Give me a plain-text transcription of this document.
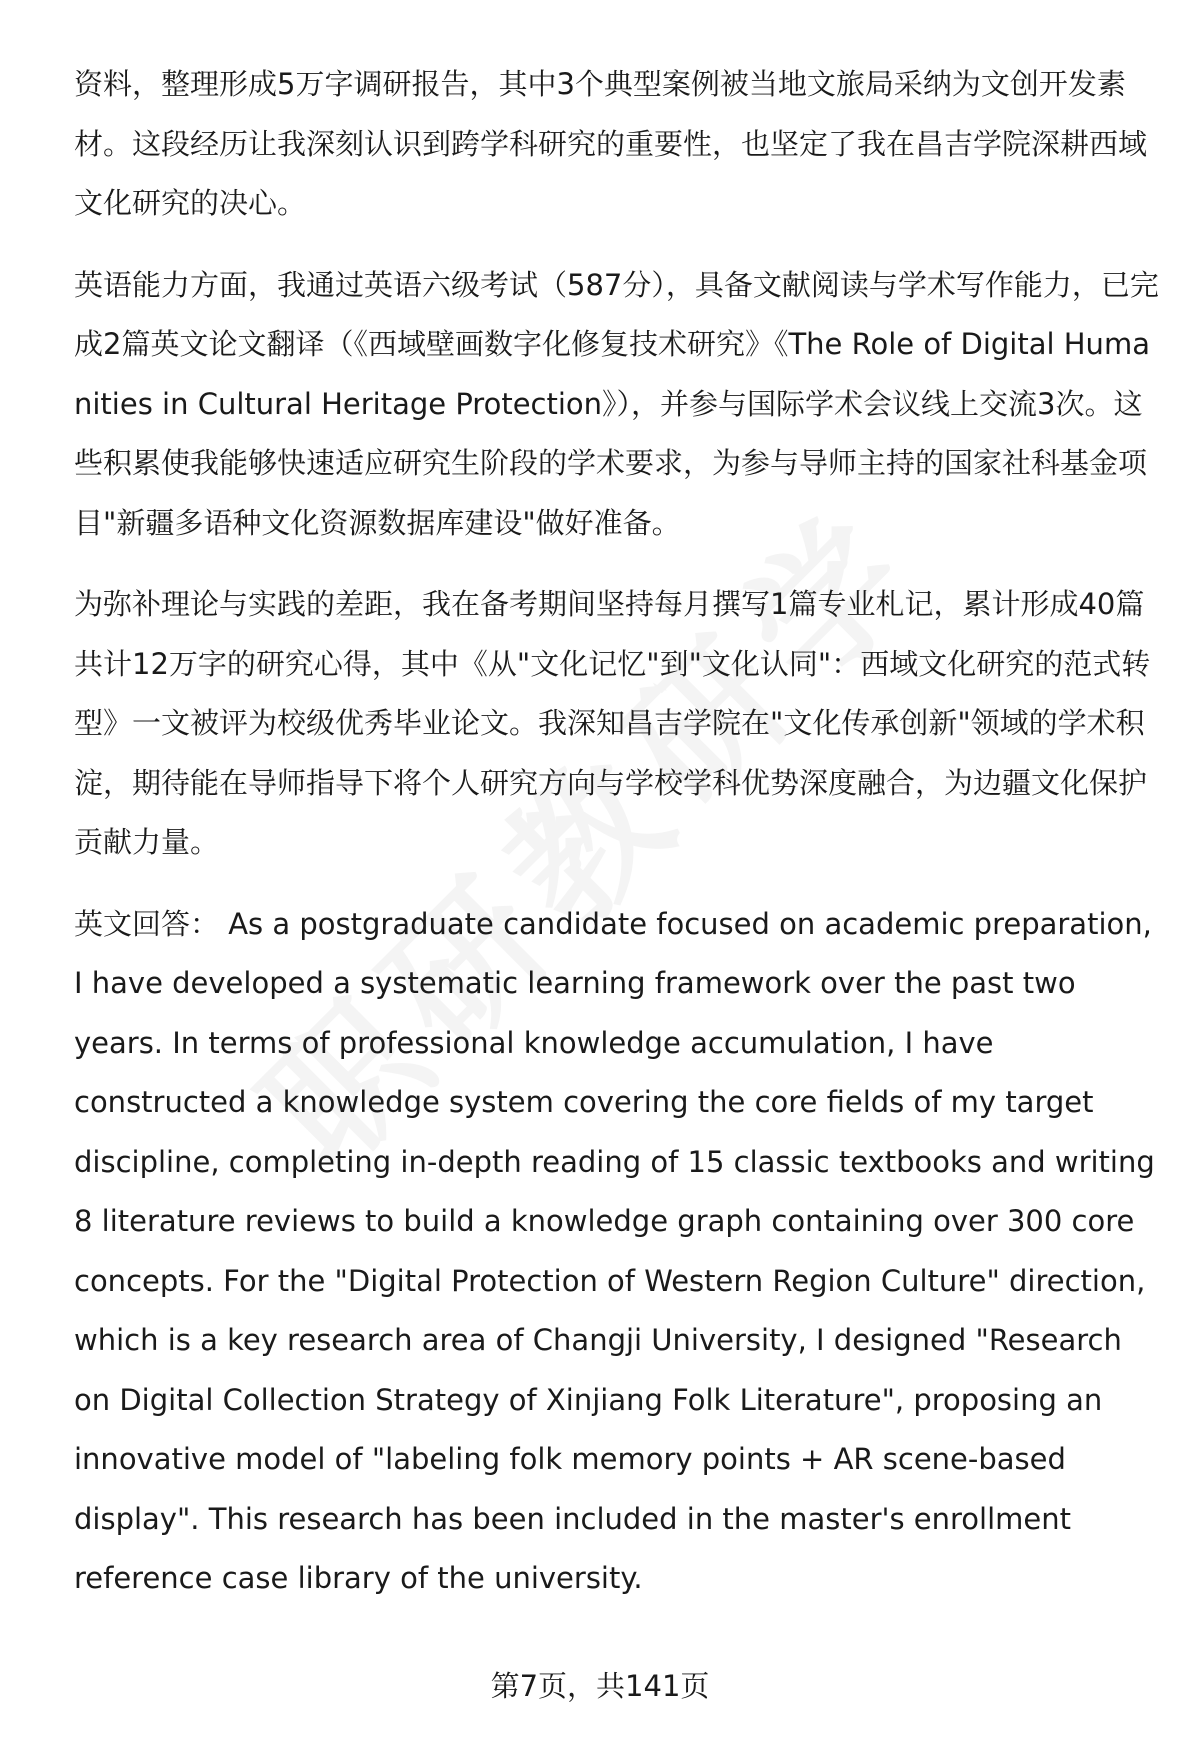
资料，整理形成5万字调研报告，其中3个典型案例被当地文旅局采纳为文创开发素材。这段经历让我深刻认识到跨学科研究的重要性，也坚定了我在昌吉学院深耕西域文化研究的决心。

英语能力方面，我通过英语六级考试（587分），具备文献阅读与学术写作能力，已完成2篇英文论文翻译（《西域壁画数字化修复技术研究》《The Role of Digital Humanities in Cultural Heritage Protection》），并参与国际学术会议线上交流3次。这些积累使我能够快速适应研究生阶段的学术要求，为参与导师主持的国家社科基金项目"新疆多语种文化资源数据库建设"做好准备。

为弥补理论与实践的差距，我在备考期间坚持每月撰写1篇专业札记，累计形成40篇共计12万字的研究心得，其中《从"文化记忆"到"文化认同"：西域文化研究的范式转型》一文被评为校级优秀毕业论文。我深知昌吉学院在"文化传承创新"领域的学术积淀，期待能在导师指导下将个人研究方向与学校学科优势深度融合，为边疆文化保护贡献力量。

英文回答： As a postgraduate candidate focused on academic preparation, I have developed a systematic learning framework over the past two years. In terms of professional knowledge accumulation, I have constructed a knowledge system covering the core fields of my target discipline, completing in-depth reading of 15 classic textbooks and writing 8 literature reviews to build a knowledge graph containing over 300 core concepts. For the "Digital Protection of Western Region Culture" direction, which is a key research area of Changji University, I designed "Research on Digital Collection Strategy of Xinjiang Folk Literature", proposing an innovative model of "labeling folk memory points + AR scene-based display". This research has been included in the master's enrollment reference case library of the university.

第7页，共141页
